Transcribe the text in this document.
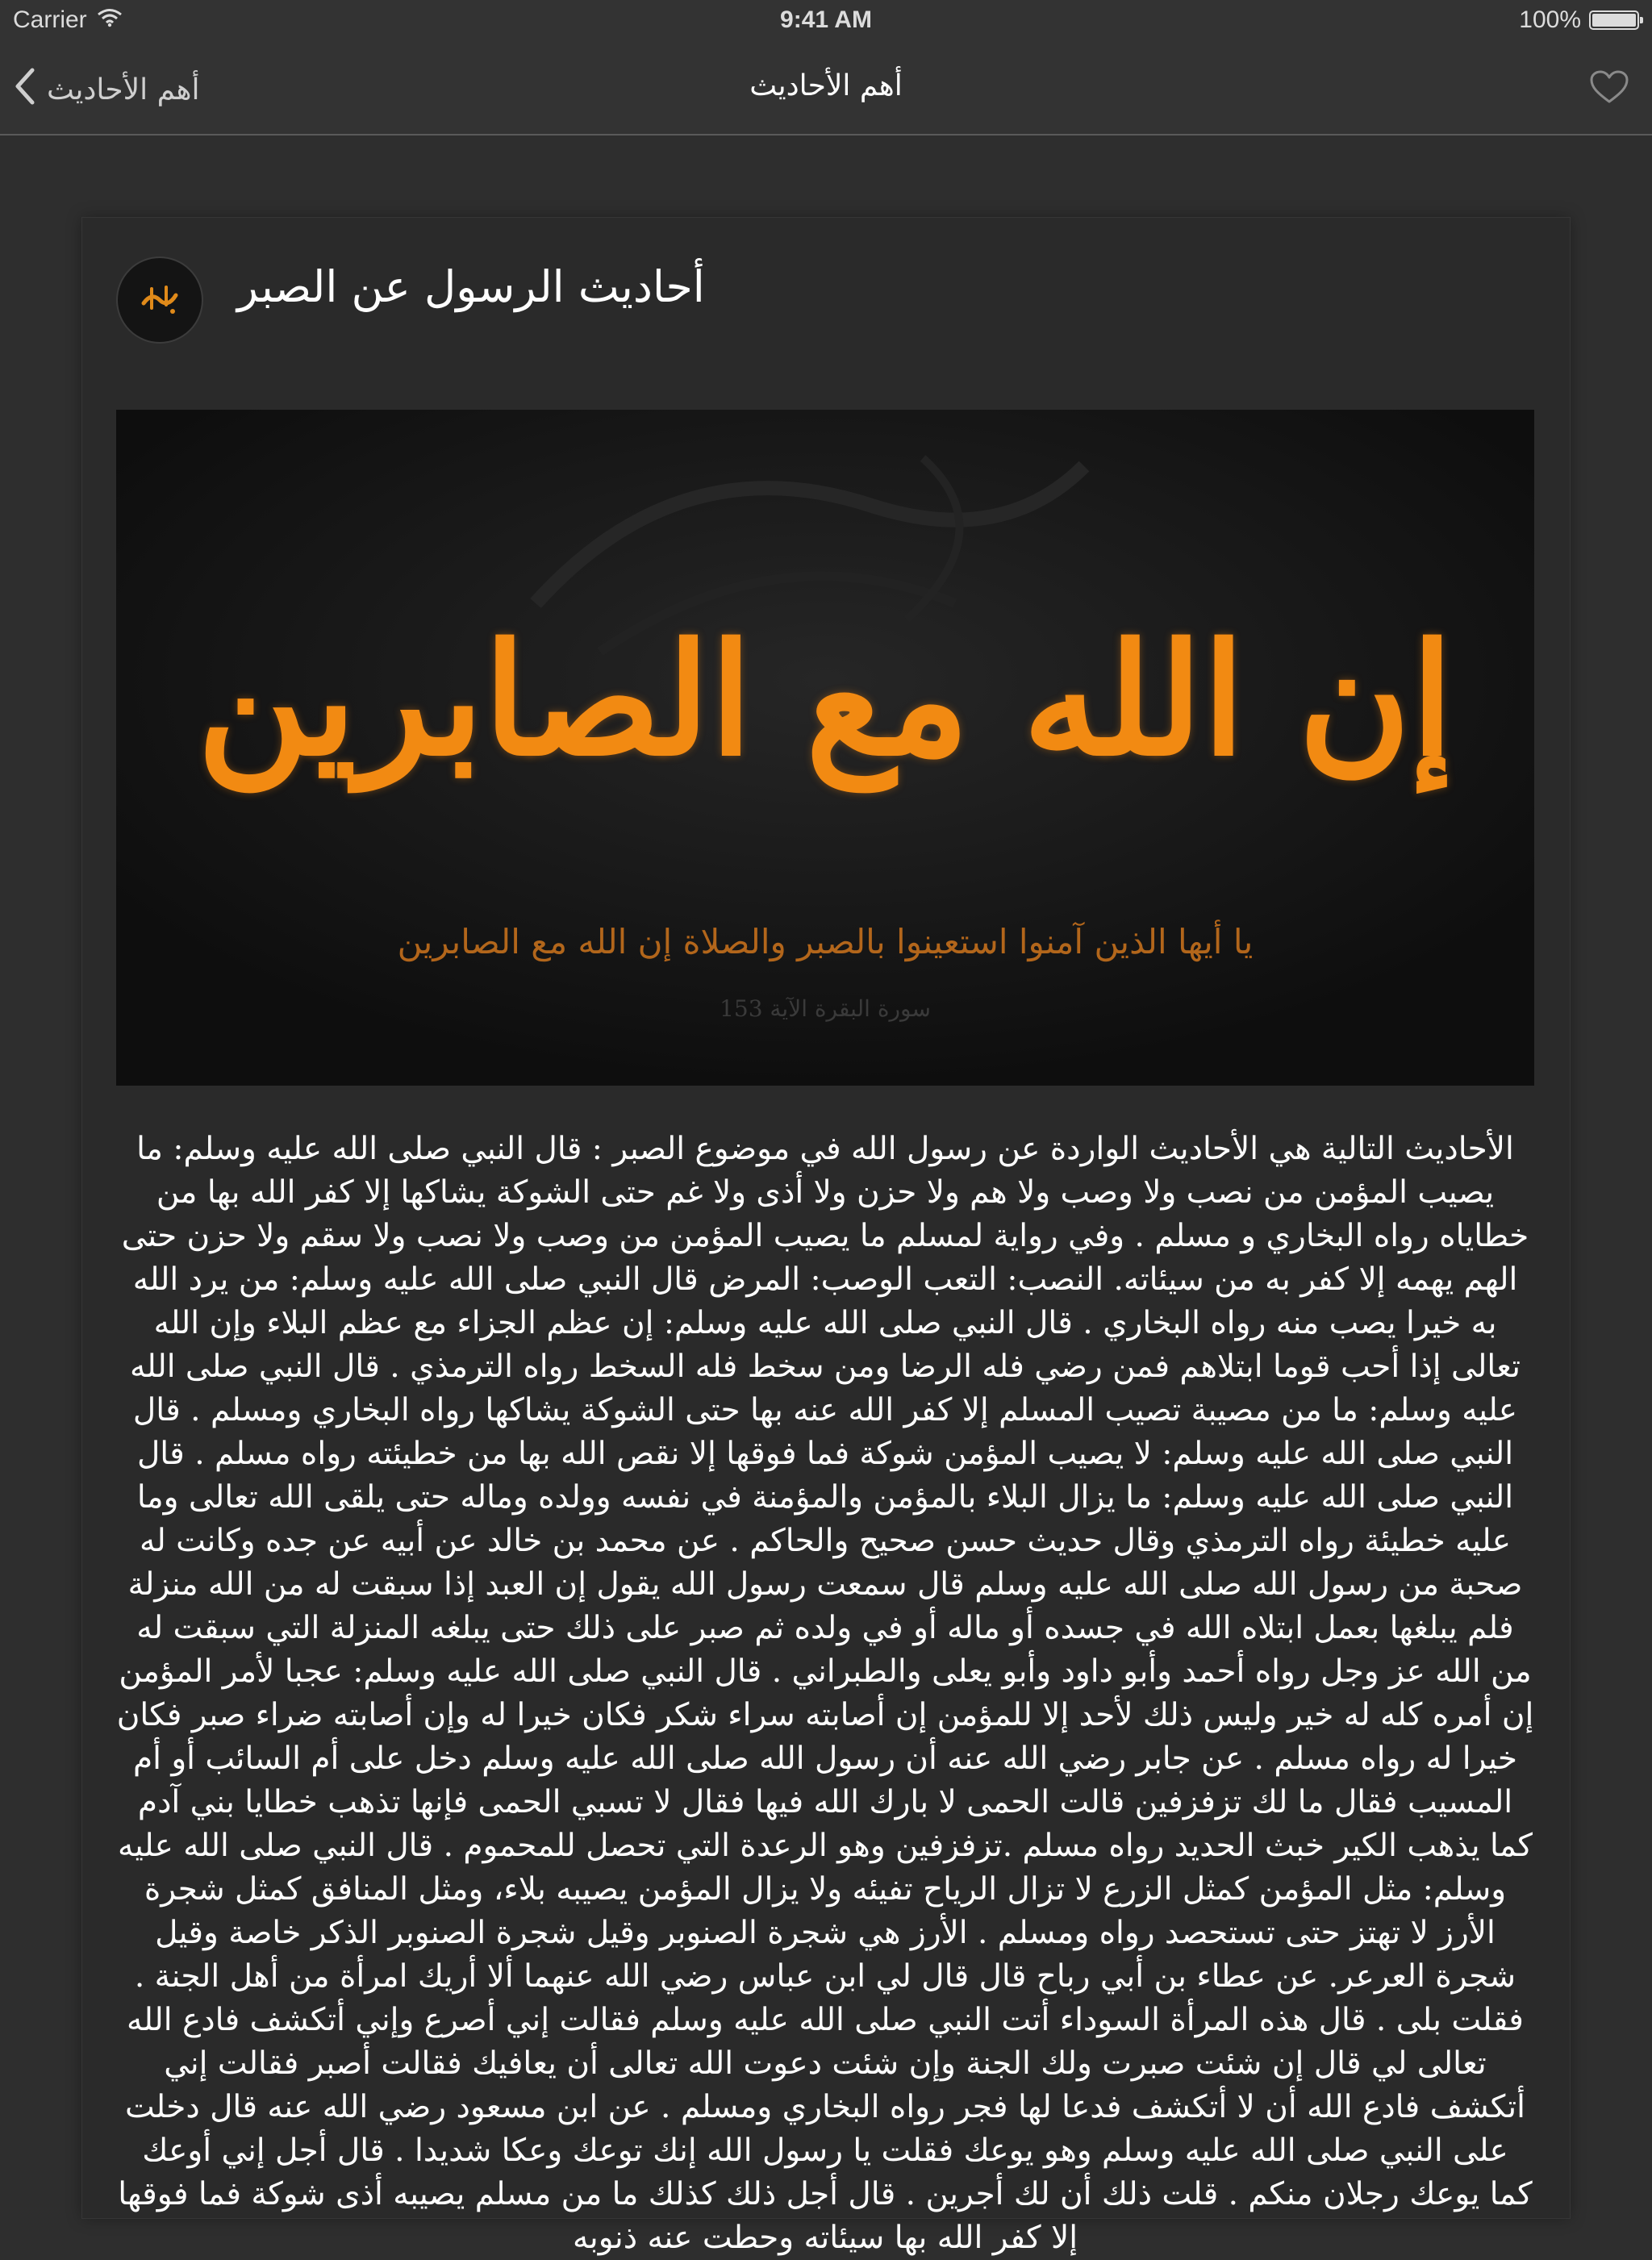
Carrier	9:41 AM	100%
أهم الأحاديث	أهم الأحاديث
أحاديث الرسول عن الصبر
إن الله مع الصابرين
يا أيها الذين آمنوا استعينوا بالصبر والصلاة إن الله مع الصابرين
سورة البقرة الآية 153
الأحاديث التالية هي الأحاديث الواردة عن رسول الله في موضوع الصبر : قال النبي صلى الله عليه وسلم: ما يصيب المؤمن من نصب ولا وصب ولا هم ولا حزن ولا أذى ولا غم حتى الشوكة يشاكها إلا كفر الله بها من خطاياه رواه البخاري و مسلم . وفي رواية لمسلم ما يصيب المؤمن من وصب ولا نصب ولا سقم ولا حزن حتى الهم يهمه إلا كفر به من سيئاته. النصب: التعب الوصب: المرض قال النبي صلى الله عليه وسلم: من يرد الله به خيرا يصب منه رواه البخاري . قال النبي صلى الله عليه وسلم: إن عظم الجزاء مع عظم البلاء وإن الله تعالى إذا أحب قوما ابتلاهم فمن رضي فله الرضا ومن سخط فله السخط رواه الترمذي . قال النبي صلى الله عليه وسلم: ما من مصيبة تصيب المسلم إلا كفر الله عنه بها حتى الشوكة يشاكها رواه البخاري ومسلم . قال النبي صلى الله عليه وسلم: لا يصيب المؤمن شوكة فما فوقها إلا نقص الله بها من خطيئته رواه مسلم . قال النبي صلى الله عليه وسلم: ما يزال البلاء بالمؤمن والمؤمنة في نفسه وولده وماله حتى يلقى الله تعالى وما عليه خطيئة رواه الترمذي وقال حديث حسن صحيح والحاكم . عن محمد بن خالد عن أبيه عن جده وكانت له صحبة من رسول الله صلى الله عليه وسلم قال سمعت رسول الله يقول إن العبد إذا سبقت له من الله منزلة فلم يبلغها بعمل ابتلاه الله في جسده أو ماله أو في ولده ثم صبر على ذلك حتى يبلغه المنزلة التي سبقت له من الله عز وجل رواه أحمد وأبو داود وأبو يعلى والطبراني . قال النبي صلى الله عليه وسلم: عجبا لأمر المؤمن إن أمره كله له خير وليس ذلك لأحد إلا للمؤمن إن أصابته سراء شكر فكان خيرا له وإن أصابته ضراء صبر فكان خيرا له رواه مسلم . عن جابر رضي الله عنه أن رسول الله صلى الله عليه وسلم دخل على أم السائب أو أم المسيب فقال ما لك تزفزفين قالت الحمى لا بارك الله فيها فقال لا تسبي الحمى فإنها تذهب خطايا بني آدم كما يذهب الكير خبث الحديد رواه مسلم .تزفزفين وهو الرعدة التي تحصل للمحموم . قال النبي صلى الله عليه وسلم: مثل المؤمن كمثل الزرع لا تزال الرياح تفيئه ولا يزال المؤمن يصيبه بلاء، ومثل المنافق كمثل شجرة الأرز لا تهتز حتى تستحصد رواه ومسلم . الأرز هي شجرة الصنوبر وقيل شجرة الصنوبر الذكر خاصة وقيل شجرة العرعر. عن عطاء بن أبي رباح قال قال لي ابن عباس رضي الله عنهما ألا أريك امرأة من أهل الجنة . فقلت بلى . قال هذه المرأة السوداء أتت النبي صلى الله عليه وسلم فقالت إني أصرع وإني أتكشف فادع الله تعالى لي قال إن شئت صبرت ولك الجنة وإن شئت دعوت الله تعالى أن يعافيك فقالت أصبر فقالت إني أتكشف فادع الله أن لا أتكشف فدعا لها فجر رواه البخاري ومسلم . عن ابن مسعود رضي الله عنه قال دخلت على النبي صلى الله عليه وسلم وهو يوعك فقلت يا رسول الله إنك توعك وعكا شديدا . قال أجل إني أوعك كما يوعك رجلان منكم . قلت ذلك أن لك أجرين . قال أجل ذلك كذلك ما من مسلم يصيبه أذى شوكة فما فوقها إلا كفر الله بها سيئاته وحطت عنه ذنوبه
